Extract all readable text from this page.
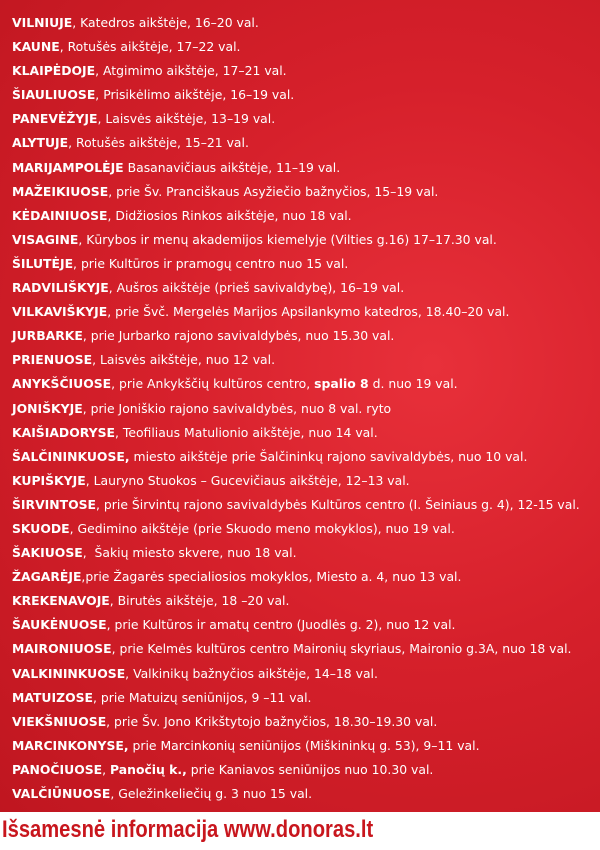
VILNIUJE, Katedros aikštėje, 16–20 val.
KAUNE, Rotušės aikštėje, 17–22 val.
KLAIPĖDOJE, Atgimimo aikštėje, 17–21 val.
ŠIAULIUOSE, Prisikėlimo aikštėje, 16–19 val.
PANEVĖŽYJE, Laisvės aikštėje, 13–19 val.
ALYTUJE, Rotušės aikštėje, 15–21 val.
MARIJAMPOLĖJE Basanavičiaus aikštėje, 11–19 val.
MAŽEIKIUOSE, prie Šv. Pranciškaus Asyžiečio bažnyčios, 15–19 val.
KĖDAINIUOSE, Didžiosios Rinkos aikštėje, nuo 18 val.
VISAGINE, Kūrybos ir menų akademijos kiemelyje (Vilties g.16) 17–17.30 val.
ŠILUTĖJE, prie Kultūros ir pramogų centro nuo 15 val.
RADVILIŠKYJE, Aušros aikštėje (prieš savivaldybę), 16–19 val.
VILKAVIŠKYJE, prie Švč. Mergelės Marijos Apsilankymo katedros, 18.40–20 val.
JURBARKE, prie Jurbarko rajono savivaldybės, nuo 15.30 val.
PRIENUOSE, Laisvės aikštėje, nuo 12 val.
ANYKŠČIUOSE, prie Ankykščių kultūros centro, spalio 8 d. nuo 19 val.
JONIŠKYJE, prie Joniškio rajono savivaldybės, nuo 8 val. ryto
KAIŠIADORYSE, Teofiliaus Matulionio aikštėje, nuo 14 val.
ŠALČININKUOSE, miesto aikštėje prie Šalčininkų rajono savivaldybės, nuo 10 val.
KUPIŠKYJE, Lauryno Stuokos – Gucevičiaus aikštėje, 12–13 val.
ŠIRVINTOSE, prie Širvintų rajono savivaldybės Kultūros centro (I. Šeiniaus g. 4), 12-15 val.
SKUODE, Gedimino aikštėje (prie Skuodo meno mokyklos), nuo 19 val.
ŠAKIUOSE,  Šakių miesto skvere, nuo 18 val.
ŽAGARĖJE,prie Žagarės specialiosios mokyklos, Miesto a. 4, nuo 13 val.
KREKENAVOJE, Birutės aikštėje, 18 –20 val.
ŠAUKĖNUOSE, prie Kultūros ir amatų centro (Juodlės g. 2), nuo 12 val.
MAIRONIUOSE, prie Kelmės kultūros centro Maironių skyriaus, Maironio g.3A, nuo 18 val.
VALKININKUOSE, Valkinikų bažnyčios aikštėje, 14–18 val.
MATUIZOSE, prie Matuizų seniūnijos, 9 –11 val.
VIEKŠNIUOSE, prie Šv. Jono Krikštytojo bažnyčios, 18.30–19.30 val.
MARCINKONYSE, prie Marcinkonių seniūnijos (Miškininkų g. 53), 9–11 val.
PANOČIUOSE, Panočių k., prie Kaniavos seniūnijos nuo 10.30 val.
VALČIŪNUOSE, Geležinkeliečių g. 3 nuo 15 val.
Išsamesnė informacija www.donoras.lt
